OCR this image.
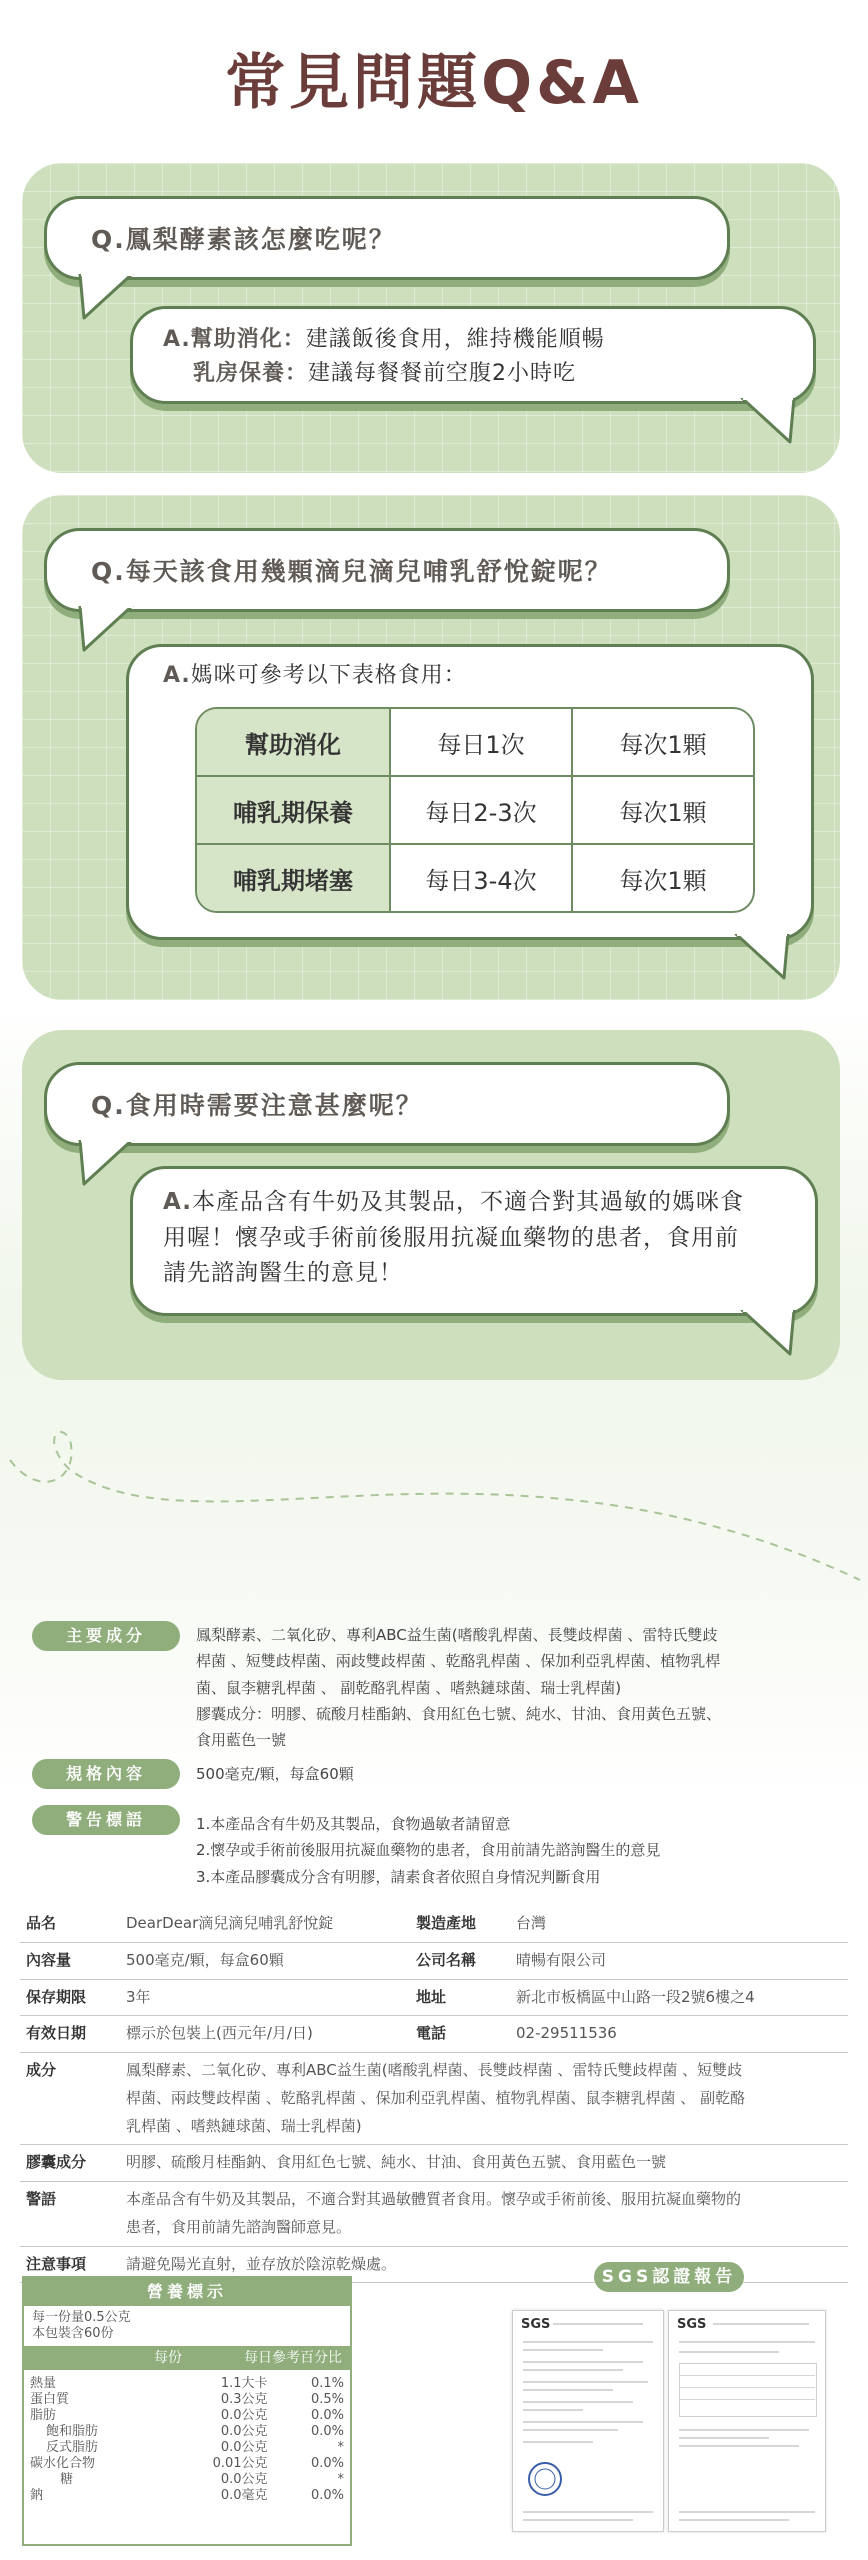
常見問題Q&A
Q.鳳梨酵素該怎麼吃呢？
A.幫助消化：建議飯後食用，維持機能順暢
乳房保養：建議每餐餐前空腹2小時吃
Q.每天該食用幾顆滴兒滴兒哺乳舒悅錠呢？
A.媽咪可參考以下表格食用：
幫助消化	每日1次	每次1顆
哺乳期保養	每日2-3次	每次1顆
哺乳期堵塞	每日3-4次	每次1顆
Q.食用時需要注意甚麼呢？
A.本產品含有牛奶及其製品，不適合對其過敏的媽咪食
用喔！懷孕或手術前後服用抗凝血藥物的患者，食用前
請先諮詢醫生的意見！
主要成分	鳳梨酵素、二氧化矽、專利ABC益生菌(嗜酸乳桿菌、長雙歧桿菌 、雷特氏雙歧
桿菌 、短雙歧桿菌、兩歧雙歧桿菌 、乾酪乳桿菌 、保加利亞乳桿菌、植物乳桿
菌、鼠李糖乳桿菌 、 副乾酪乳桿菌 、嗜熱鏈球菌、瑞士乳桿菌)
膠囊成分：明膠、硫酸月桂酯鈉、食用紅色七號、純水、甘油、食用黃色五號、
食用藍色一號
規格內容	500毫克/顆，每盒60顆
警告標語	1.本產品含有牛奶及其製品，食物過敏者請留意
2.懷孕或手術前後服用抗凝血藥物的患者，食用前請先諮詢醫生的意見
3.本產品膠囊成分含有明膠，請素食者依照自身情況判斷食用
品名	DearDear滴兒滴兒哺乳舒悅錠	製造產地	台灣
內容量	500毫克/顆，每盒60顆	公司名稱	晴暢有限公司
保存期限	3年	地址	新北市板橋區中山路一段2號6樓之4
有效日期	標示於包裝上(西元年/月/日)	電話	02-29511536
成分	鳳梨酵素、二氧化矽、專利ABC益生菌(嗜酸乳桿菌、長雙歧桿菌 、雷特氏雙歧桿菌 、短雙歧
桿菌、兩歧雙歧桿菌 、乾酪乳桿菌 、保加利亞乳桿菌、植物乳桿菌、鼠李糖乳桿菌 、 副乾酪
乳桿菌 、嗜熱鏈球菌、瑞士乳桿菌)		

膠囊成分	明膠、硫酸月桂酯鈉、食用紅色七號、純水、甘油、食用黃色五號、食用藍色一號		
警語	本產品含有牛奶及其製品，不適合對其過敏體質者食用。懷孕或手術前後、服用抗凝血藥物的
患者，食用前請先諮詢醫師意見。		

注意事項	請避免陽光直射，並存放於陰涼乾燥處。		
營養標示
每一份量0.5公克
本包裝含60份
每份	每日參考百分比
熱量	1.1大卡	0.1%
蛋白質	0.3公克	0.5%
脂肪	0.0公克	0.0%
飽和脂肪	0.0公克	0.0%
反式脂肪	0.0公克	*
碳水化合物	0.01公克	0.0%
糖	0.0公克	*
鈉	0.0毫克	0.0%
SGS認證報告
SGS	SGS
